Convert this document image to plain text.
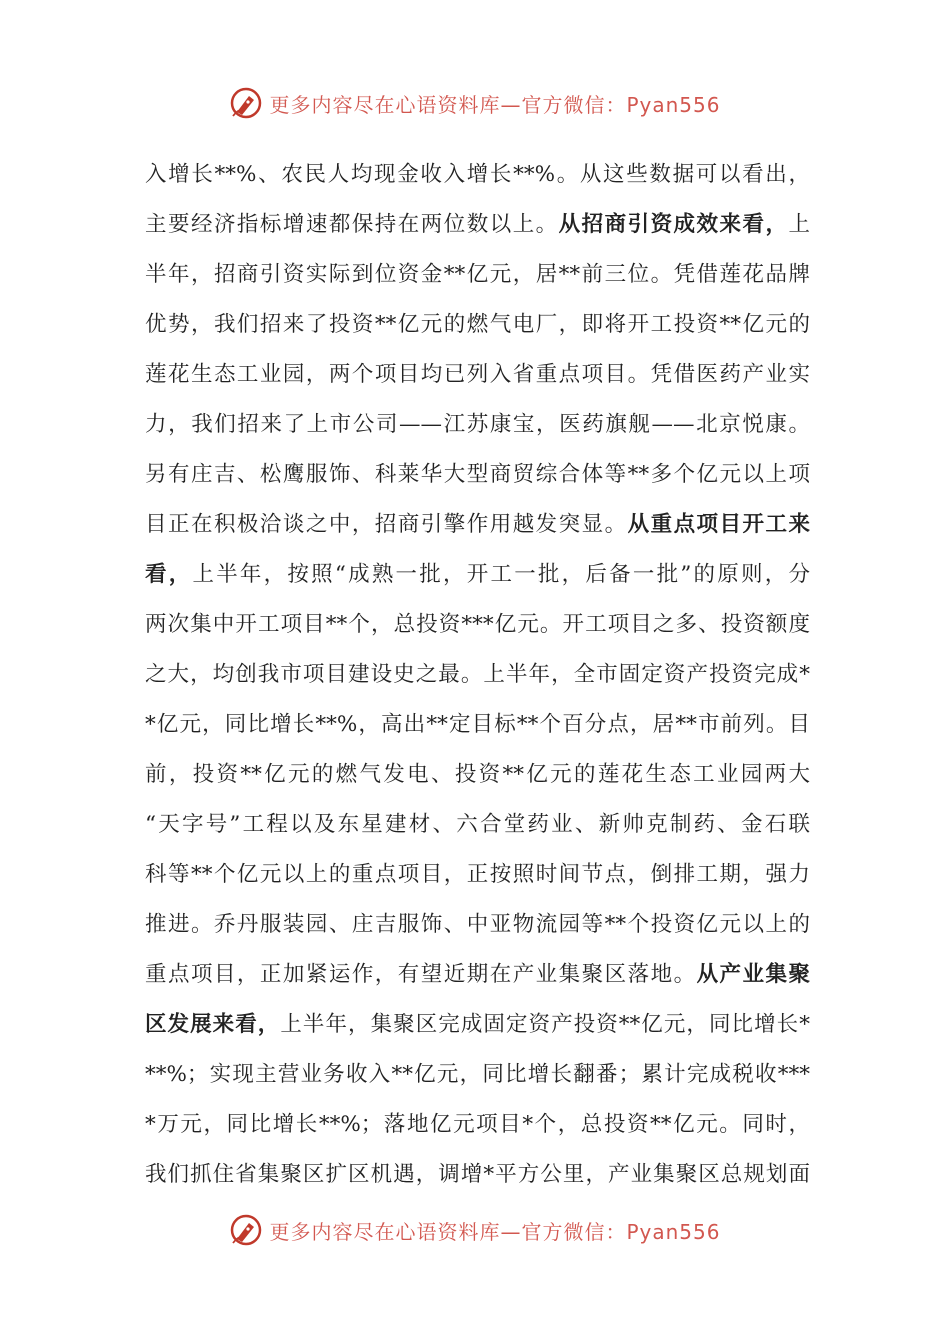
更多内容尽在心语资料库—官方微信：Pyan556
入增长**%、农民人均现金收入增长**%。从这些数据可以看出，
主要经济指标增速都保持在两位数以上。从招商引资成效来看，上
半年，招商引资实际到位资金**亿元，居**前三位。凭借莲花品牌
优势，我们招来了投资**亿元的燃气电厂，即将开工投资**亿元的
莲花生态工业园，两个项目均已列入省重点项目。凭借医药产业实
力，我们招来了上市公司——江苏康宝，医药旗舰——北京悦康。
另有庄吉、松鹰服饰、科莱华大型商贸综合体等**多个亿元以上项
目正在积极洽谈之中，招商引擎作用越发突显。从重点项目开工来
看，上半年，按照“成熟一批，开工一批，后备一批”的原则，分
两次集中开工项目**个，总投资***亿元。开工项目之多、投资额度
之大，均创我市项目建设史之最。上半年，全市固定资产投资完成*
*亿元，同比增长**%，高出**定目标**个百分点，居**市前列。目
前，投资**亿元的燃气发电、投资**亿元的莲花生态工业园两大
“天字号”工程以及东星建材、六合堂药业、新帅克制药、金石联
科等**个亿元以上的重点项目，正按照时间节点，倒排工期，强力
推进。乔丹服装园、庄吉服饰、中亚物流园等**个投资亿元以上的
重点项目，正加紧运作，有望近期在产业集聚区落地。从产业集聚
区发展来看，上半年，集聚区完成固定资产投资**亿元，同比增长*
**%；实现主营业务收入**亿元，同比增长翻番；累计完成税收***
*万元，同比增长**%；落地亿元项目*个，总投资**亿元。同时，
我们抓住省集聚区扩区机遇，调增*平方公里，产业集聚区总规划面
更多内容尽在心语资料库—官方微信：Pyan556
